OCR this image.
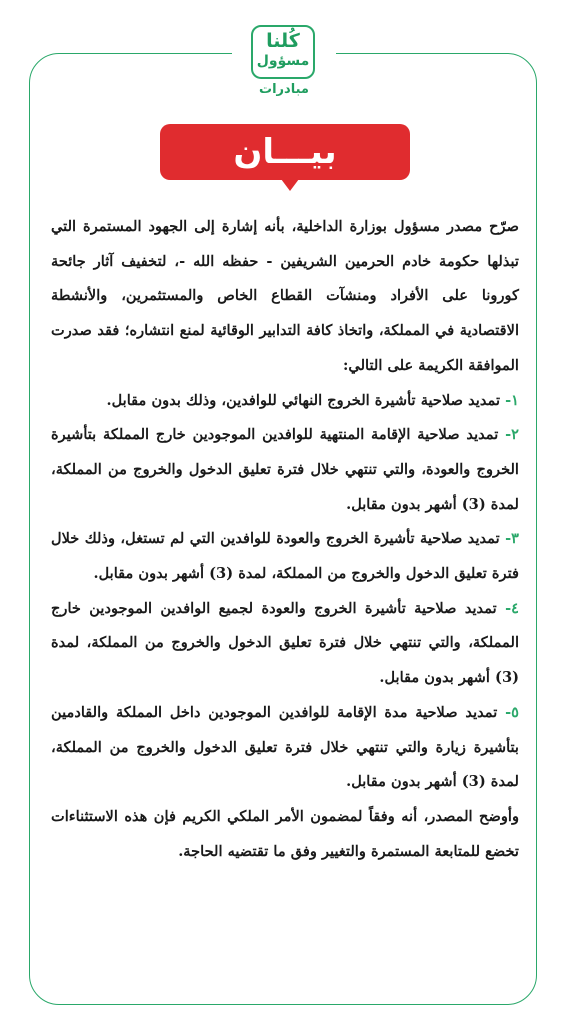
كُلنا
مسؤول
مبادرات
بيـــان

صرّح مصدر مسؤول بوزارة الداخلية، بأنه إشارة إلى الجهود المستمرة التي تبذلها حكومة خادم الحرمين الشريفين - حفظه الله -، لتخفيف آثار جائحة كورونا على الأفراد ومنشآت القطاع الخاص والمستثمرين، والأنشطة الاقتصادية في المملكة، واتخاذ كافة التدابير الوقائية لمنع انتشاره؛ فقد صدرت الموافقة الكريمة على التالي:

١- تمديد صلاحية تأشيرة الخروج النهائي للوافدين، وذلك بدون مقابل.

٢- تمديد صلاحية الإقامة المنتهية للوافدين الموجودين خارج المملكة بتأشيرة الخروج والعودة، والتي تنتهي خلال فترة تعليق الدخول والخروج من المملكة، لمدة (3) أشهر بدون مقابل.

٣- تمديد صلاحية تأشيرة الخروج والعودة للوافدين التي لم تستغل، وذلك خلال فترة تعليق الدخول والخروج من المملكة، لمدة (3) أشهر بدون مقابل.

٤- تمديد صلاحية تأشيرة الخروج والعودة لجميع الوافدين الموجودين خارج المملكة، والتي تنتهي خلال فترة تعليق الدخول والخروج من المملكة، لمدة (3) أشهر بدون مقابل.

٥- تمديد صلاحية مدة الإقامة للوافدين الموجودين داخل المملكة والقادمين بتأشيرة زيارة والتي تنتهي خلال فترة تعليق الدخول والخروج من المملكة، لمدة (3) أشهر بدون مقابل.

وأوضح المصدر، أنه وفقاً لمضمون الأمر الملكي الكريم فإن هذه الاستثناءات تخضع للمتابعة المستمرة والتغيير وفق ما تقتضيه الحاجة.
